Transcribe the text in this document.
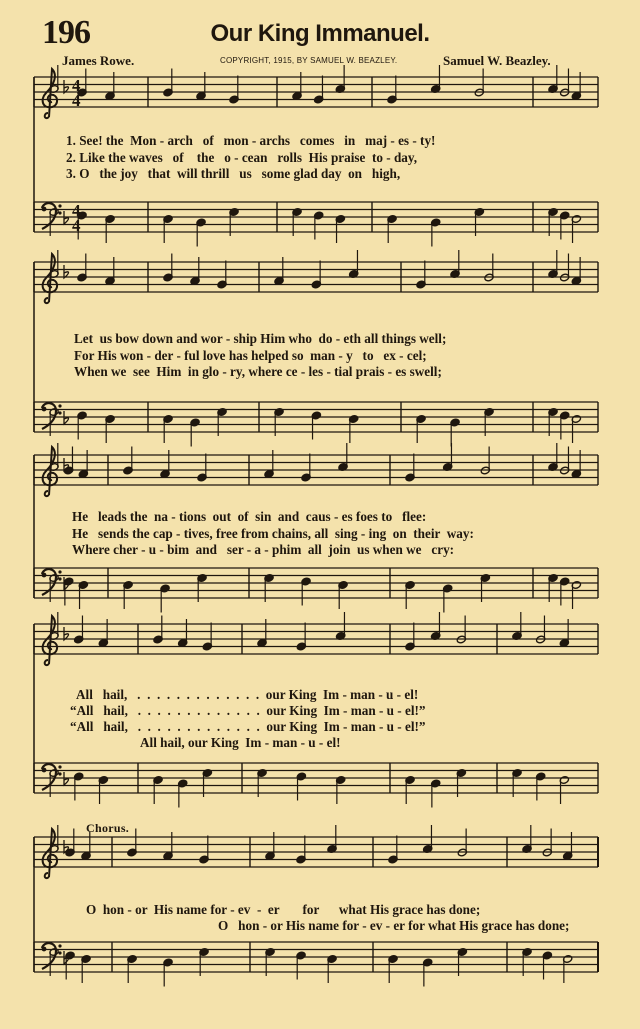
196	Our King Immanuel.
James Rowe.	COPYRIGHT, 1915, BY SAMUEL W. BEAZLEY.	Samuel W. Beazley.
4
4
4
4
1. See! the  Mon - arch   of   mon - archs   comes   in   maj - es - ty!
2. Like the waves   of    the   o - cean   rolls  His praise  to - day,
3. O   the joy   that  will thrill   us   some glad day  on   high,
Let  us bow down and wor - ship Him who  do - eth all things well;
For His won - der - ful love has helped so  man - y   to   ex - cel;
When we  see  Him  in glo - ry, where ce - les - tial prais - es swell;
He   leads the  na - tions  out  of  sin  and  caus - es foes to   flee:
He   sends the cap - tives, free from chains, all  sing - ing  on  their  way:
Where cher - u - bim  and   ser - a - phim  all  join  us when we   cry:
All   hail,   .  .  .  .  .  .  .  .  .  .  .  .  .  our King  Im - man - u - el!
“All   hail,   .  .  .  .  .  .  .  .  .  .  .  .  .  our King  Im - man - u - el!”
“All   hail,   .  .  .  .  .  .  .  .  .  .  .  .  .  our King  Im - man - u - el!”
All hail, our King  Im - man - u - el!
Chorus.
O  hon - or  His name for - ev  -  er       for      what His grace has done;
O   hon - or His name for - ev - er for what His grace has done;
